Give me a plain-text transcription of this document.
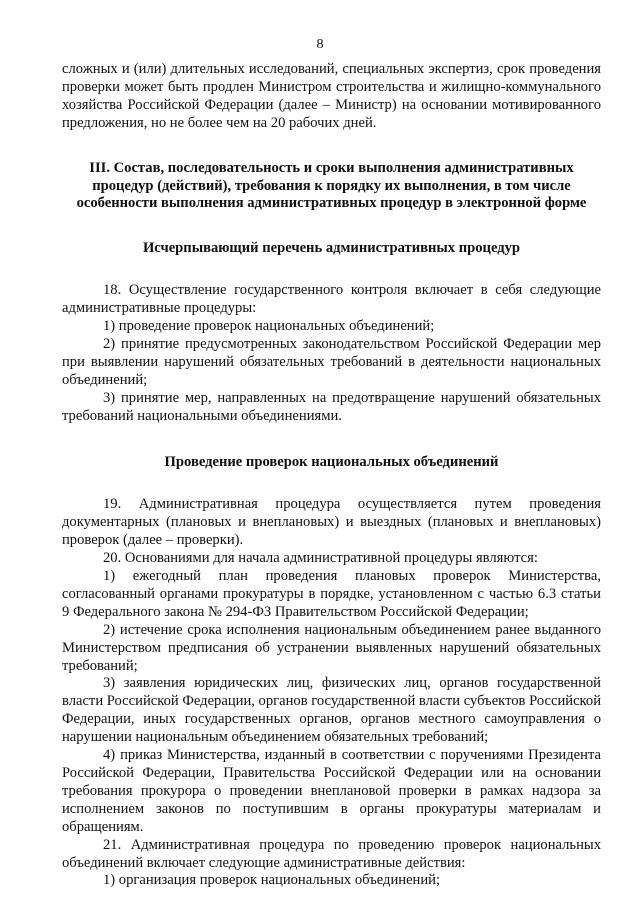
8

сложных и (или) длительных исследований, специальных экспертиз, срок проведения проверки может быть продлен Министром строительства и жилищно-коммунального хозяйства Российской Федерации (далее – Министр) на основании мотивированного предложения, но не более чем на 20 рабочих дней.

III. Состав, последовательность и сроки выполнения административных процедур (действий), требования к порядку их выполнения, в том числе особенности выполнения административных процедур в электронной форме
Исчерпывающий перечень административных процедур

18. Осуществление государственного контроля включает в себя следующие административные процедуры:

1) проведение проверок национальных объединений;

2) принятие предусмотренных законодательством Российской Федерации мер при выявлении нарушений обязательных требований в деятельности национальных объединений;

3) принятие мер, направленных на предотвращение нарушений обязательных требований национальными объединениями.

Проведение проверок национальных объединений

19. Административная процедура осуществляется путем проведения документарных (плановых и внеплановых) и выездных (плановых и внеплановых) проверок (далее – проверки).

20. Основаниями для начала административной процедуры являются:

1) ежегодный план проведения плановых проверок Министерства, согласованный органами прокуратуры в порядке, установленном с частью 6.3 статьи 9 Федерального закона № 294-ФЗ Правительством Российской Федерации;

2) истечение срока исполнения национальным объединением ранее выданного Министерством предписания об устранении выявленных нарушений обязательных требований;

3) заявления юридических лиц, физических лиц, органов государственной власти Российской Федерации, органов государственной власти субъектов Российской Федерации, иных государственных органов, органов местного самоуправления о нарушении национальным объединением обязательных требований;

4) приказ Министерства, изданный в соответствии с поручениями Президента Российской Федерации, Правительства Российской Федерации или на основании требования прокурора о проведении внеплановой проверки в рамках надзора за исполнением законов по поступившим в органы прокуратуры материалам и обращениям.

21. Административная процедура по проведению проверок национальных объединений включает следующие административные действия:

1) организация проверок национальных объединений;
